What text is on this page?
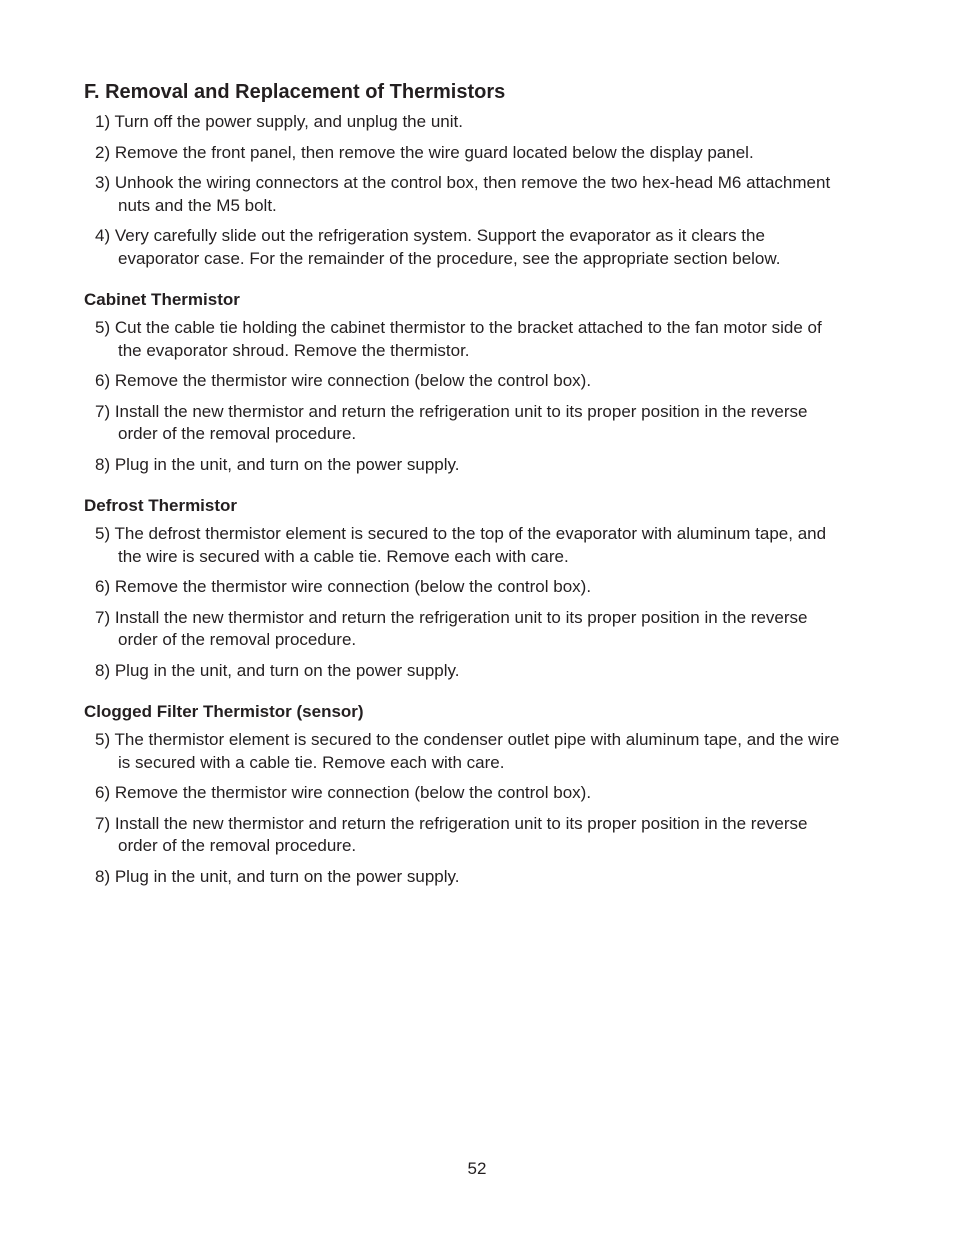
F. Removal and Replacement of Thermistors
1) Turn off the power supply, and unplug the unit.
2) Remove the front panel, then remove the wire guard located below the display panel.
3) Unhook the wiring connectors at the control box, then remove the two hex-head M6 attachment nuts and the M5 bolt.
4) Very carefully slide out the refrigeration system. Support the evaporator as it clears the evaporator case. For the remainder of the procedure, see the appropriate section below.
Cabinet Thermistor
5) Cut the cable tie holding the cabinet thermistor to the bracket attached to the fan motor side of the evaporator shroud. Remove the thermistor.
6) Remove the thermistor wire connection (below the control box).
7) Install the new thermistor and return the refrigeration unit to its proper position in the reverse order of the removal procedure.
8) Plug in the unit, and turn on the power supply.
Defrost Thermistor
5) The defrost thermistor element is secured to the top of the evaporator with aluminum tape, and the wire is secured with a cable tie. Remove each with care.
6) Remove the thermistor wire connection (below the control box).
7) Install the new thermistor and return the refrigeration unit to its proper position in the reverse order of the removal procedure.
8) Plug in the unit, and turn on the power supply.
Clogged Filter Thermistor (sensor)
5) The thermistor element is secured to the condenser outlet pipe with aluminum tape, and the wire is secured with a cable tie. Remove each with care.
6) Remove the thermistor wire connection (below the control box).
7) Install the new thermistor and return the refrigeration unit to its proper position in the reverse order of the removal procedure.
8) Plug in the unit, and turn on the power supply.
52
